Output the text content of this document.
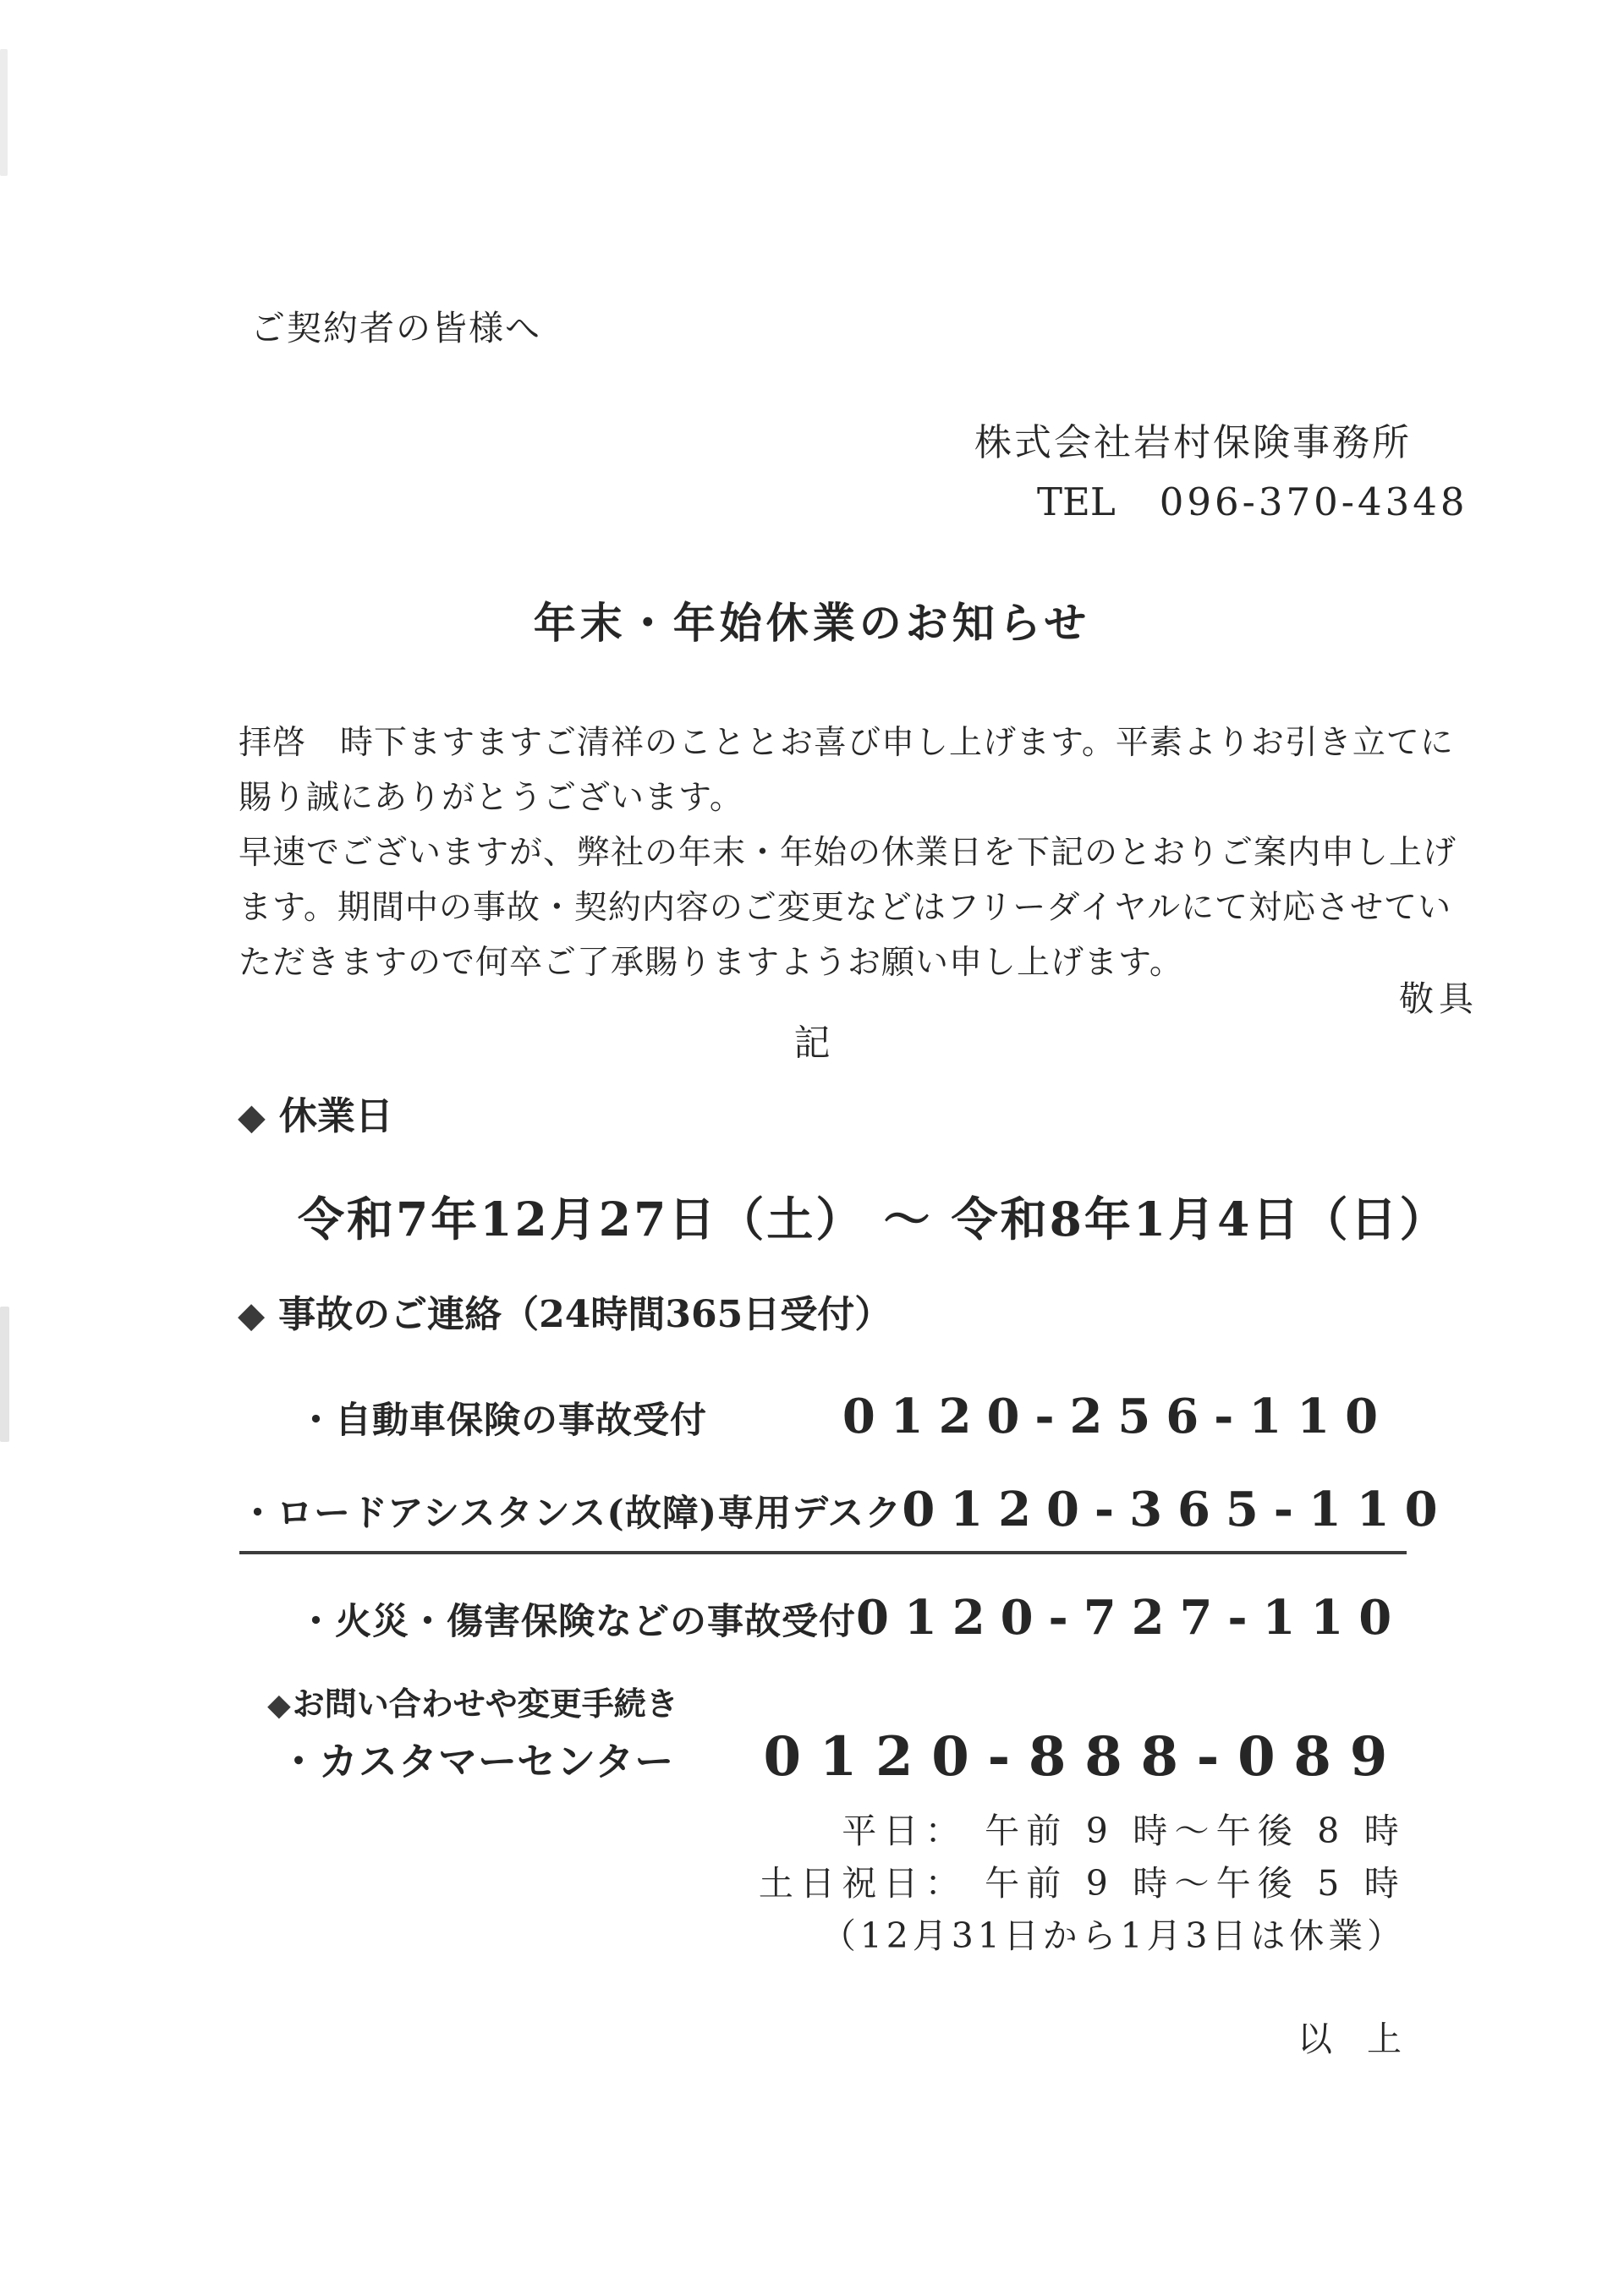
ご契約者の皆様へ
株式会社岩村保険事務所
TEL 096-370-4348
年末・年始休業のお知らせ
拝啓　時下ますますご清祥のこととお喜び申し上げます。平素よりお引き立てに
賜り誠にありがとうございます。
早速でございますが、弊社の年末・年始の休業日を下記のとおりご案内申し上げ
ます。期間中の事故・契約内容のご変更などはフリーダイヤルにて対応させてい
ただきますので何卒ご了承賜りますようお願い申し上げます。
敬具
記
◆ 休業日
令和7年12月27日（土） ～ 令和8年1月4日（日）
◆ 事故のご連絡（24時間365日受付）
・自動車保険の事故受付	0120-256-110
・ロードアシスタンス(故障)専用デスク 0120-365-110
・火災・傷害保険などの事故受付 0120-727-110
◆お問い合わせや変更手続き
・カスタマーセンター 0120-888-089
平日： 午前 9 時～午後 8 時
土日祝日： 午前 9 時～午後 5 時
（12月31日から1月3日は休業）
以　上
